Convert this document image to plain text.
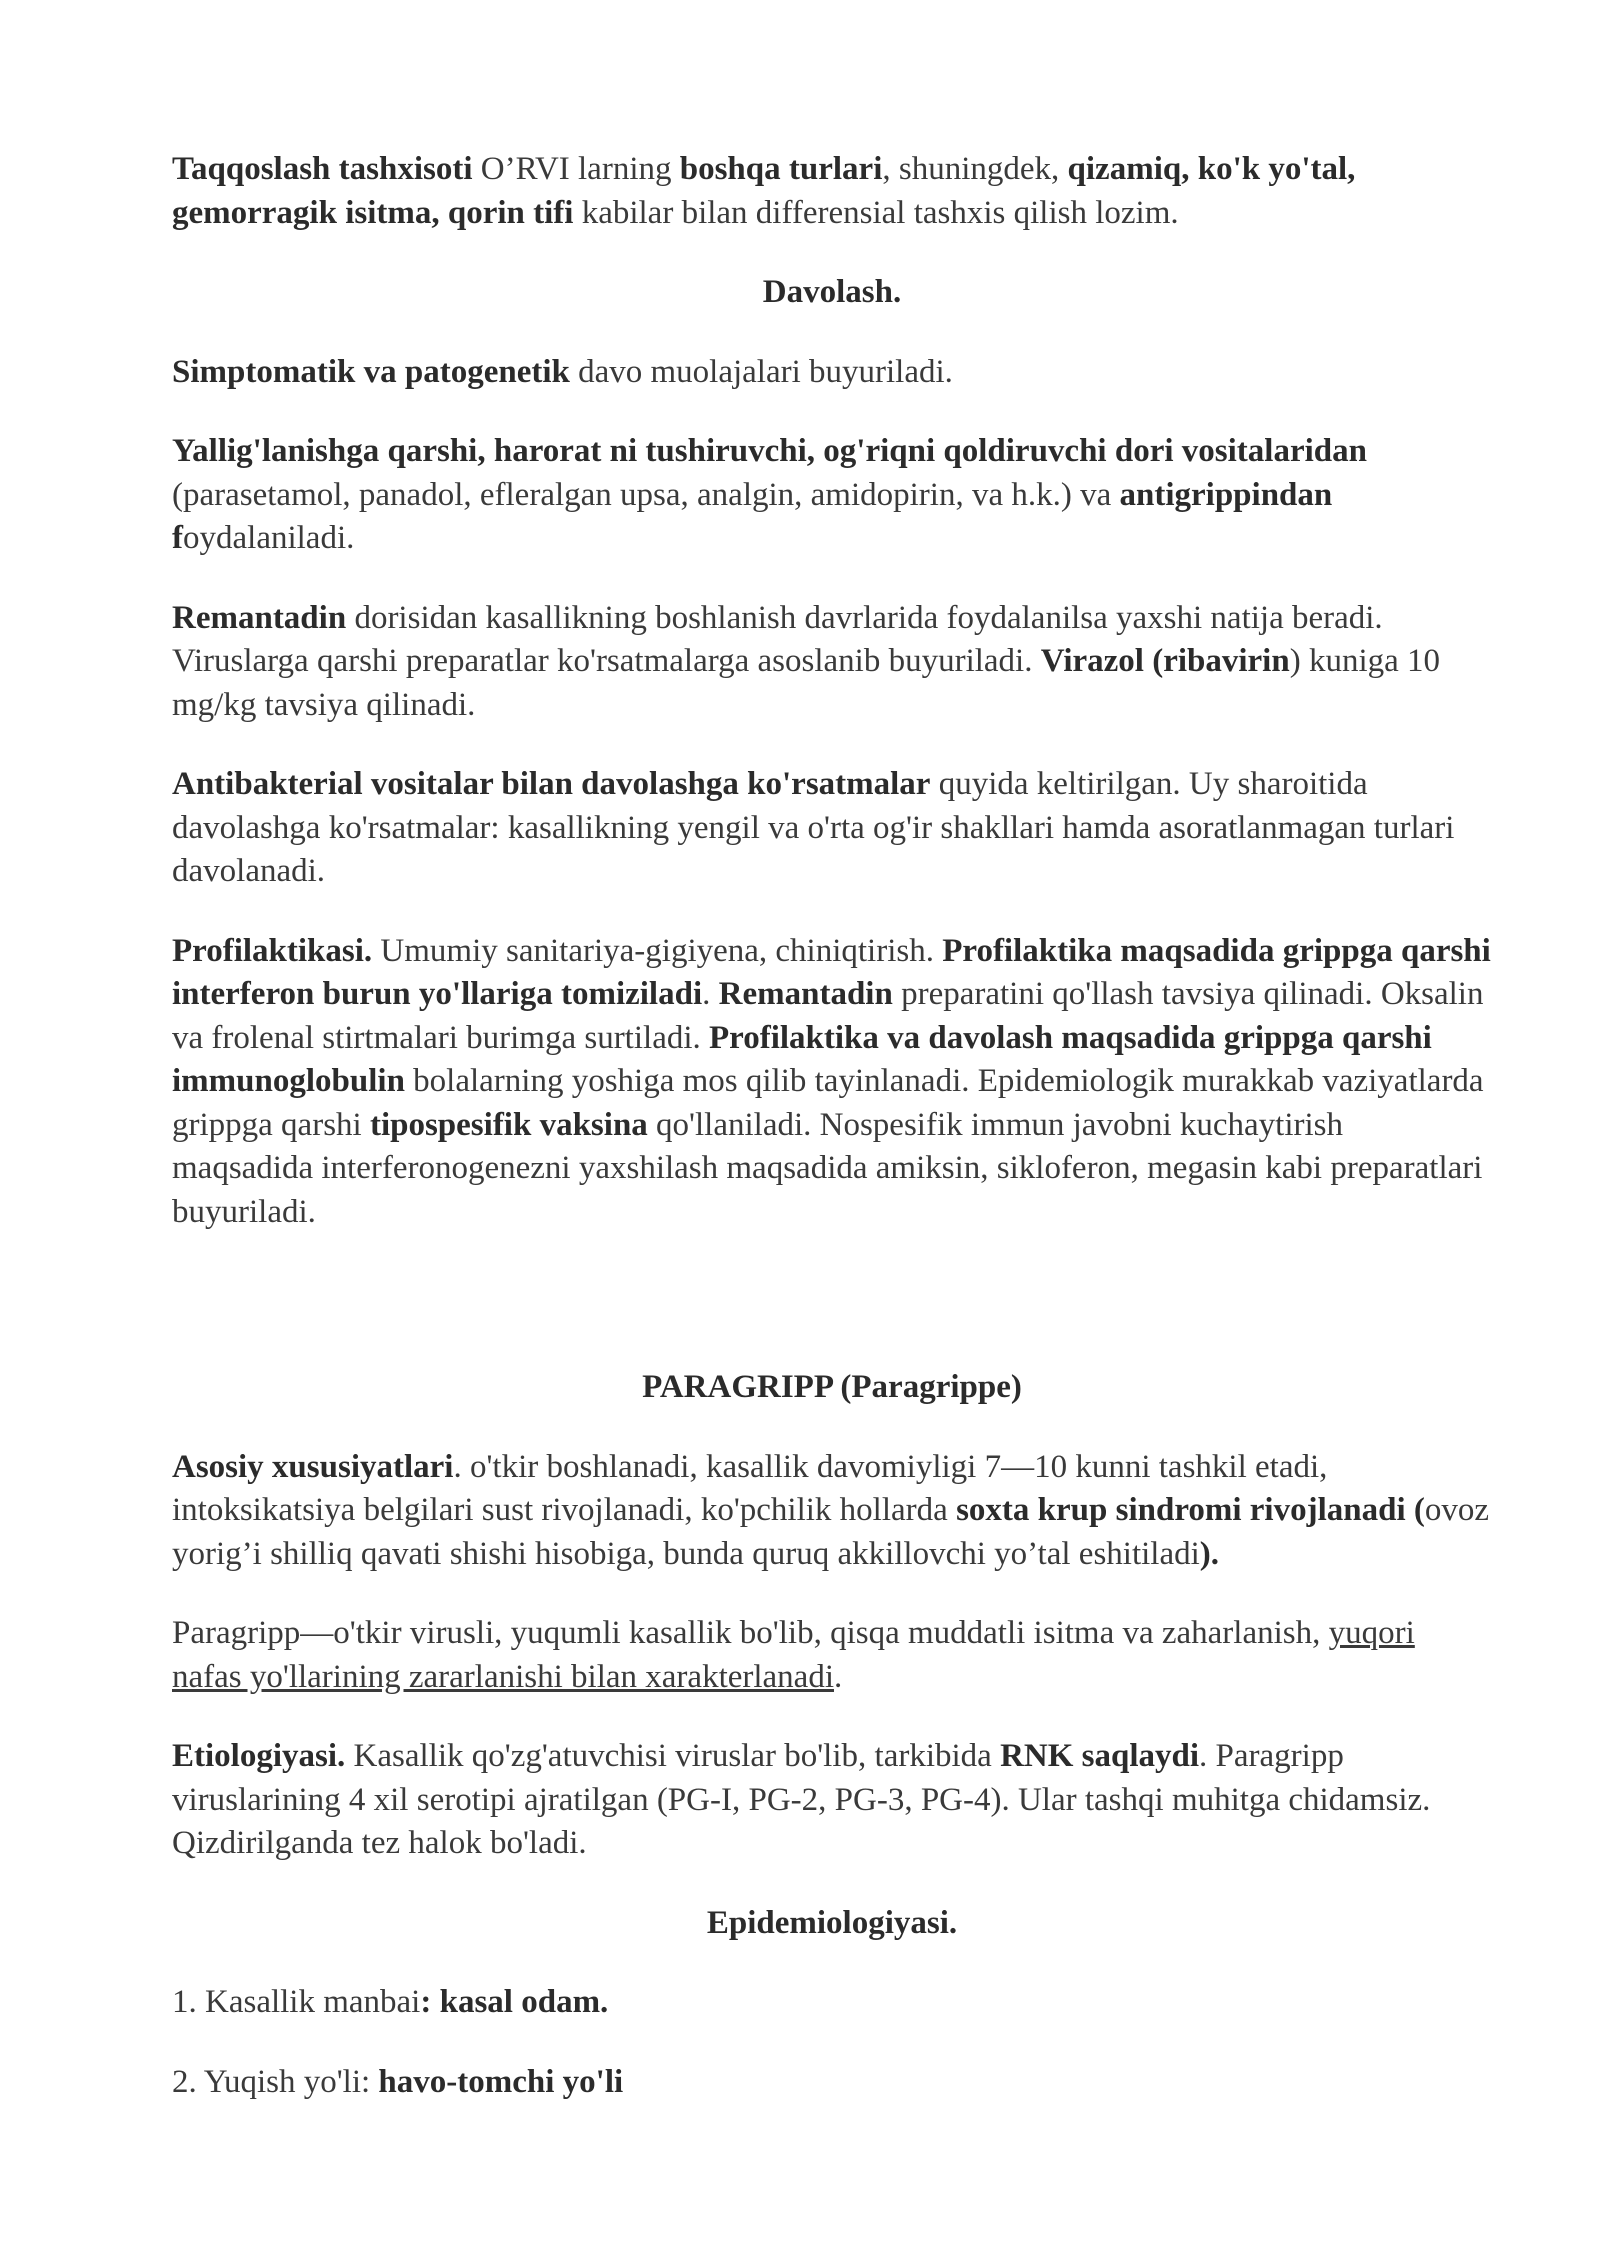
Taqqoslash tashxisoti O’RVI larning boshqa turlari, shuningdek, qizamiq, ko'k yo'tal, gemorragik isitma, qorin tifi kabilar bilan differensial tashxis qilish lozim.

Davolash.

Simptomatik va patogenetik davo muolajalari buyuriladi.

Yallig'lanishga qarshi, harorat ni tushiruvchi, og'riqni qoldiruvchi dori vositalaridan (parasetamol, panadol, efleralgan upsa, analgin, amidopirin, va h.k.) va antigrippindan foydalaniladi.

Remantadin dorisidan kasallikning boshlanish davrlarida foydalanilsa yaxshi natija beradi. Viruslarga qarshi preparatlar ko'rsatmalarga asoslanib buyuriladi. Virazol (ribavirin) kuniga 10 mg/kg tavsiya qilinadi.

Antibakterial vositalar bilan davolashga ko'rsatmalar quyida keltirilgan. Uy sharoitida davolashga ko'rsatmalar: kasallikning yengil va o'rta og'ir shakllari hamda asoratlanmagan turlari davolanadi.

Profilaktikasi. Umumiy sanitariya-gigiyena, chiniqtirish. Profilaktika maqsadida grippga qarshi interferon burun yo'llariga tomiziladi. Remantadin preparatini qo'llash tavsiya qilinadi. Oksalin va frolenal stirtmalari burimga surtiladi. Profilaktika va davolash maqsadida grippga qarshi immunoglobulin bolalarning yoshiga mos qilib tayinlanadi. Epidemiologik murakkab vaziyatlarda grippga qarshi tipospesifik vaksina qo'llaniladi. Nospesifik immun javobni kuchaytirish maqsadida interferonogenezni yaxshilash maqsadida amiksin, sikloferon, megasin kabi preparatlari buyuriladi.

PARAGRIPP (Paragrippe)

Asosiy xususiyatlari. o'tkir boshlanadi, kasallik davomiyligi 7—10 kunni tashkil etadi, intoksikatsiya belgilari sust rivojlanadi, ko'pchilik hollarda soxta krup sindromi rivojlanadi (ovoz yorig’i shilliq qavati shishi hisobiga, bunda quruq akkillovchi yo’tal eshitiladi).

Paragripp—o'tkir virusli, yuqumli kasallik bo'lib, qisqa muddatli isitma va zaharlanish, yuqori nafas yo'llarining zararlanishi bilan xarakterlanadi.

Etiologiyasi. Kasallik qo'zg'atuvchisi viruslar bo'lib, tarkibida RNK saqlaydi. Paragripp viruslarining 4 xil serotipi ajratilgan (PG-I, PG-2, PG-3, PG-4). Ular tashqi muhitga chidamsiz. Qizdirilganda tez halok bo'ladi.

Epidemiologiyasi.

1. Kasallik manbai: kasal odam.

2. Yuqish yo'li: havo-tomchi yo'li
